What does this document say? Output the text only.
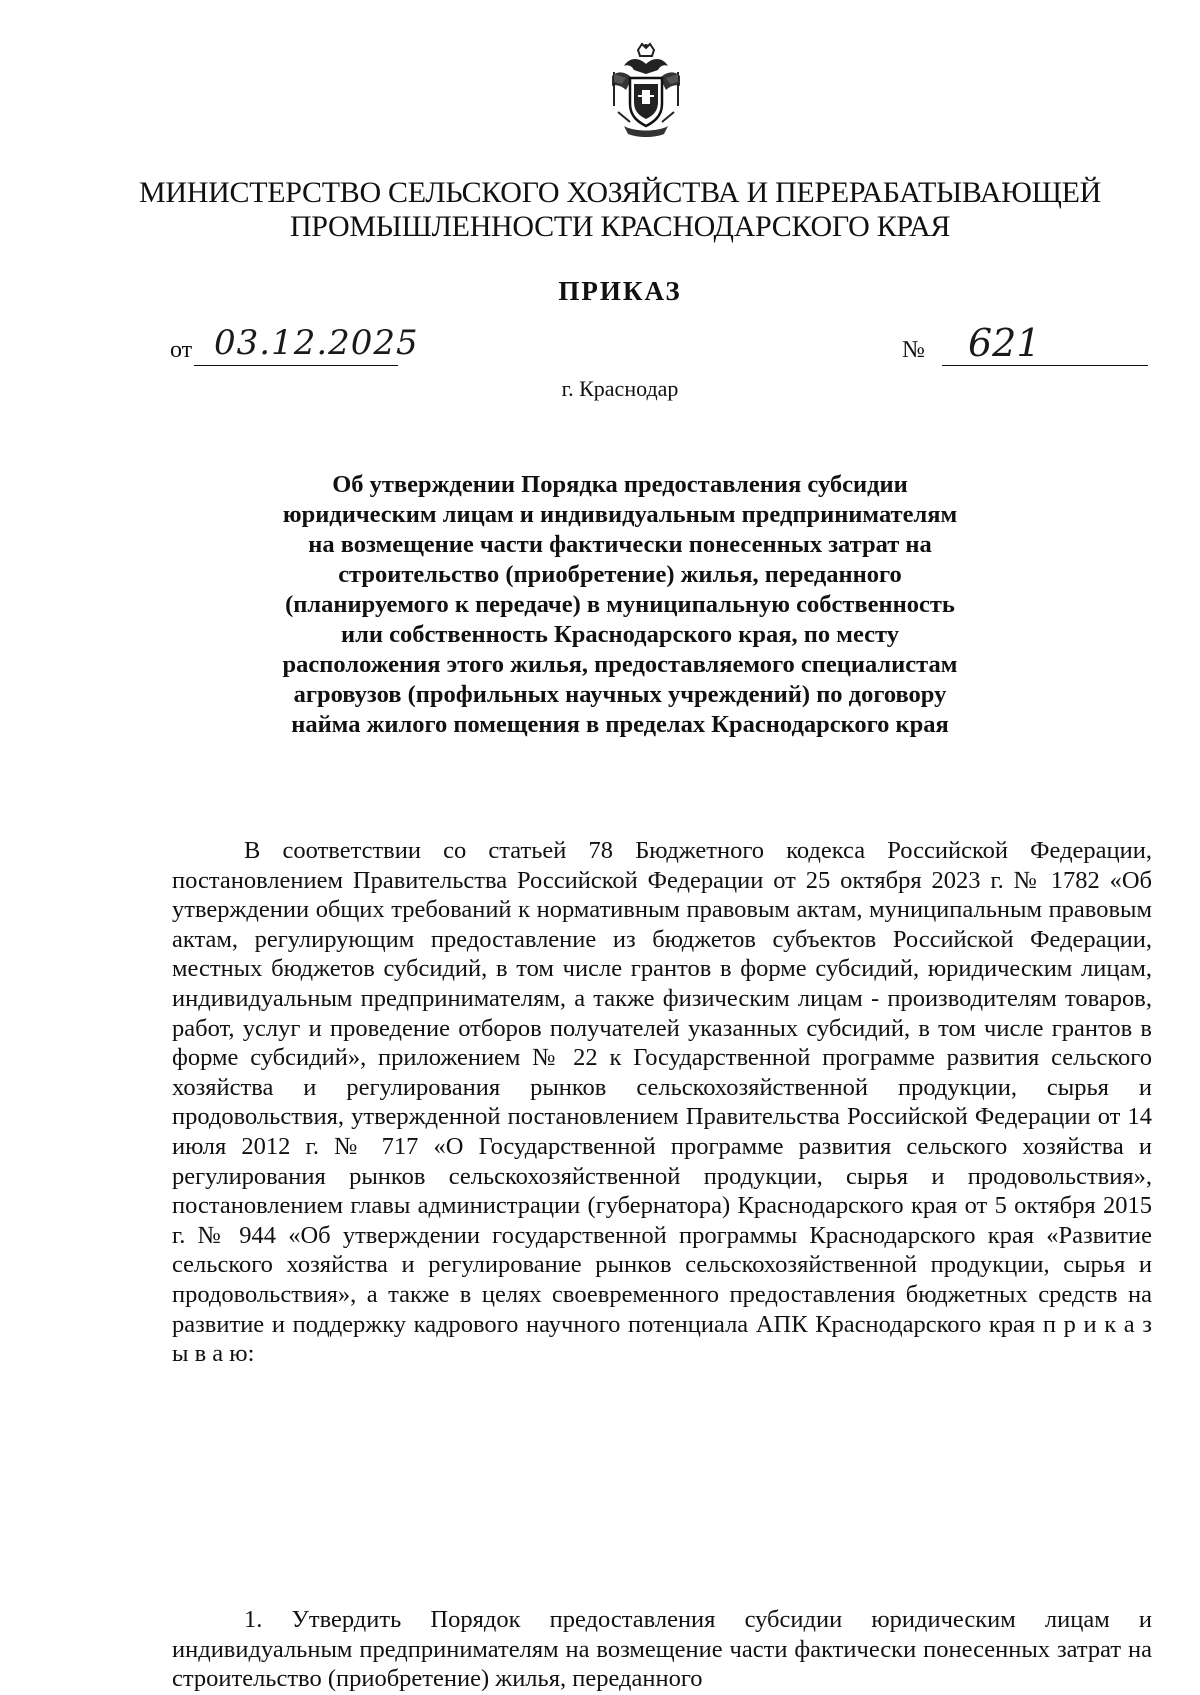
МИНИСТЕРСТВО СЕЛЬСКОГО ХОЗЯЙСТВА И ПЕРЕРАБАТЫВАЮЩЕЙ
ПРОМЫШЛЕННОСТИ КРАСНОДАРСКОГО КРАЯ
ПРИКАЗ
от 03.12.2025	№ 621
г. Краснодар
Об утверждении Порядка предоставления субсидии
юридическим лицам и индивидуальным предпринимателям
на возмещение части фактически понесенных затрат на
строительство (приобретение) жилья, переданного
(планируемого к передаче) в муниципальную собственность
или собственность Краснодарского края, по месту
расположения этого жилья, предоставляемого специалистам
агровузов (профильных научных учреждений) по договору
найма жилого помещения в пределах Краснодарского края

В соответствии со статьей 78 Бюджетного кодекса Российской Федерации, постановлением Правительства Российской Федерации от 25 октября 2023 г. № 1782 «Об утверждении общих требований к нормативным правовым актам, муниципальным правовым актам, регулирующим предоставление из бюджетов субъектов Российской Федерации, местных бюджетов субсидий, в том числе грантов в форме субсидий, юридическим лицам, индивидуальным предпринимателям, а также физическим лицам - производителям товаров, работ, услуг и проведение отборов получателей указанных субсидий, в том числе грантов в форме субсидий», приложением № 22 к Государственной программе развития сельского хозяйства и регулирования рынков сельскохозяйственной продукции, сырья и продовольствия, утвержденной постановлением Правительства Российской Федерации от 14 июля 2012 г. № 717 «О Государственной программе развития сельского хозяйства и регулирования рынков сельскохозяйственной продукции, сырья и продовольствия», постановлением главы администрации (губернатора) Краснодарского края от 5 октября 2015 г. № 944 «Об утверждении государственной программы Краснодарского края «Развитие сельского хозяйства и регулирование рынков сельскохозяйственной продукции, сырья и продовольствия», а также в целях своевременного предоставления бюджетных средств на развитие и поддержку кадрового научного потенциала АПК Краснодарского края п р и к а з ы в а ю:

1. Утвердить Порядок предоставления субсидии юридическим лицам и индивидуальным предпринимателям на возмещение части фактически понесенных затрат на строительство (приобретение) жилья, переданного
